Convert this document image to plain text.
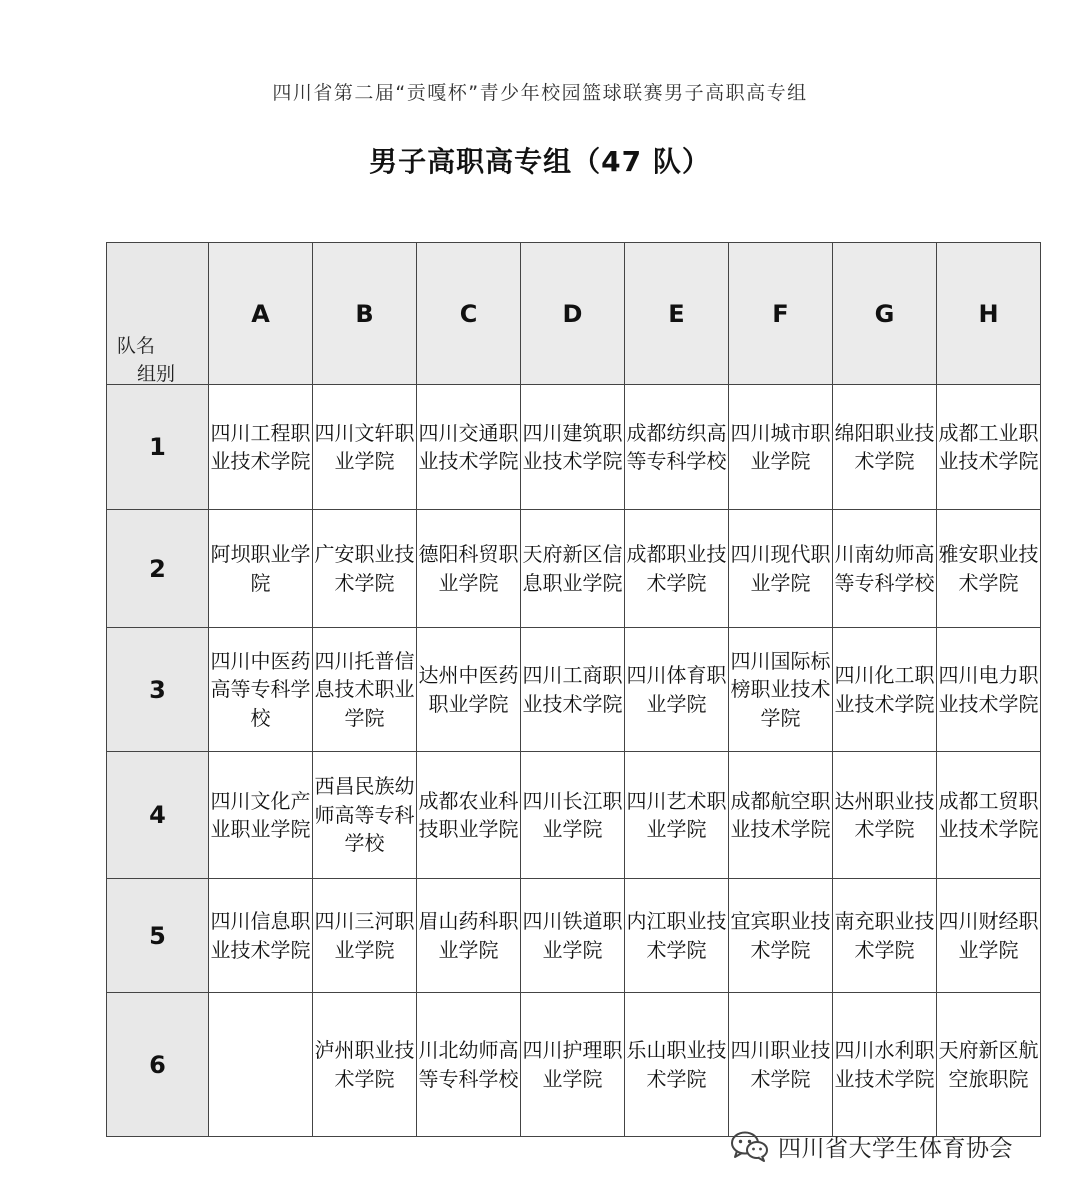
四川省第二届“贡嘎杯”青少年校园篮球联赛男子高职高专组
男子高职高专组（47 队）
队名
组别	A	B	C	D	E	F	G	H
1	四川工程职业技术学院	四川文轩职业学院	四川交通职业技术学院	四川建筑职业技术学院	成都纺织高等专科学校	四川城市职业学院	绵阳职业技术学院	成都工业职业技术学院

2	阿坝职业学院	广安职业技术学院	德阳科贸职业学院	天府新区信息职业学院	成都职业技术学院	四川现代职业学院	川南幼师高等专科学校	雅安职业技术学院

3	四川中医药高等专科学校	四川托普信息技术职业学院	达州中医药职业学院	四川工商职业技术学院	四川体育职业学院	四川国际标榜职业技术学院	四川化工职业技术学院	四川电力职业技术学院

4	四川文化产业职业学院	西昌民族幼师高等专科学校	成都农业科技职业学院	四川长江职业学院	四川艺术职业学院	成都航空职业技术学院	达州职业技术学院	成都工贸职业技术学院

5	四川信息职业技术学院	四川三河职业学院	眉山药科职业学院	四川铁道职业学院	内江职业技术学院	宜宾职业技术学院	南充职业技术学院	四川财经职业学院

6		泸州职业技术学院	川北幼师高等专科学校	四川护理职业学院	乐山职业技术学院	四川职业技术学院	四川水利职业技术学院	天府新区航空旅职院
四川省大学生体育协会
